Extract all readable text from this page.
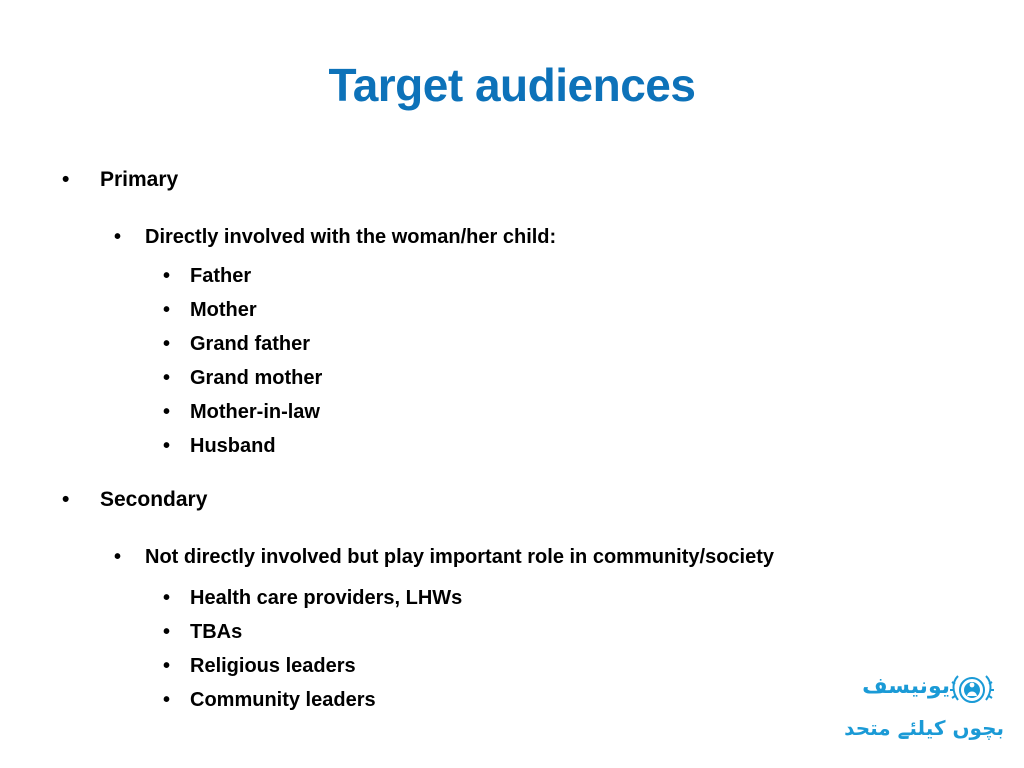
Target audiences
• Primary
• Directly involved with the woman/her child:
• Father
• Mother
• Grand father
• Grand mother
• Mother-in-law
• Husband
• Secondary
• Not directly involved but play important role in community/society
• Health care providers, LHWs
• TBAs
• Religious leaders
• Community leaders
یونیسف
بچوں کیلئے متحد
